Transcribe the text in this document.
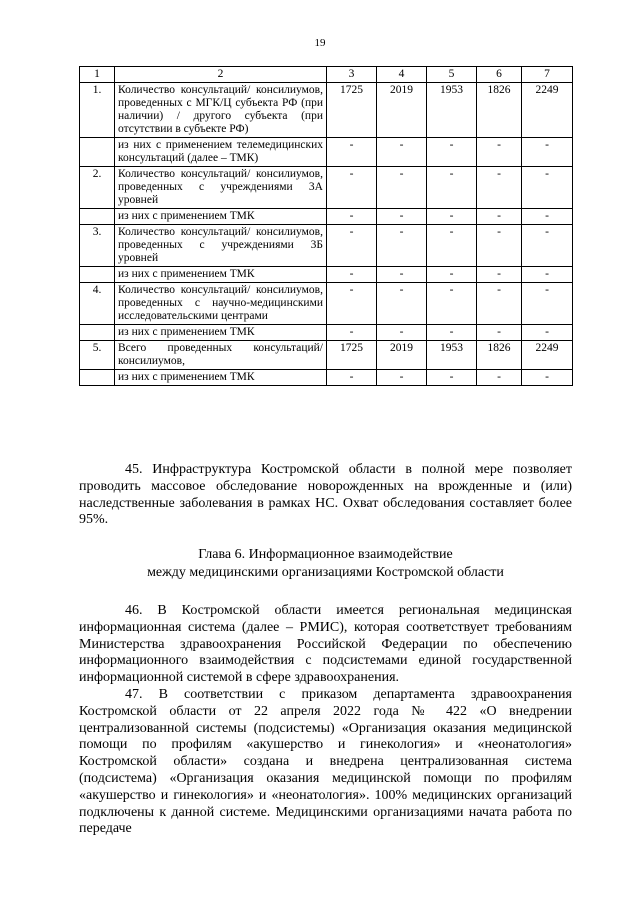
19
1	2	3	4	5	6	7
1.	Количество консультаций/ консилиумов, проведенных с МГК/Ц субъекта РФ (при наличии) / другого субъекта (при отсутствии в субъекте РФ)	1725	2019	1953	1826	2249
	из них с применением телемедицинских консультаций (далее – ТМК)	-	-	-	-	-
2.	Количество консультаций/ консилиумов, проведенных с учреждениями 3А уровней	-	-	-	-	-
	из них с применением ТМК	-	-	-	-	-
3.	Количество консультаций/ консилиумов, проведенных с учреждениями 3Б уровней	-	-	-	-	-
	из них с применением ТМК	-	-	-	-	-
4.	Количество консультаций/ консилиумов, проведенных с научно-медицинскими исследовательскими центрами	-	-	-	-	-
	из них с применением ТМК	-	-	-	-	-
5.	Всего проведенных консультаций/ консилиумов,	1725	2019	1953	1826	2249
	из них с применением ТМК	-	-	-	-	-
45. Инфраструктура Костромской области в полной мере позволяет проводить массовое обследование новорожденных на врожденные и (или) наследственные заболевания в рамках НС. Охват обследования составляет более 95%.
Глава 6. Информационное взаимодействие
между медицинскими организациями Костромской области
46. В Костромской области имеется региональная медицинская информационная система (далее – РМИС), которая соответствует требованиям Министерства здравоохранения Российской Федерации по обеспечению информационного взаимодействия с подсистемами единой государственной информационной системой в сфере здравоохранения.
47. В соответствии с приказом департамента здравоохранения Костромской области от 22 апреля 2022 года № 422 «О внедрении централизованной системы (подсистемы) «Организация оказания медицинской помощи по профилям «акушерство и гинекология» и «неонатология» Костромской области» создана и внедрена централизованная система (подсистема) «Организация оказания медицинской помощи по профилям «акушерство и гинекология» и «неонатология». 100% медицинских организаций подключены к данной системе. Медицинскими организациями начата работа по передаче
